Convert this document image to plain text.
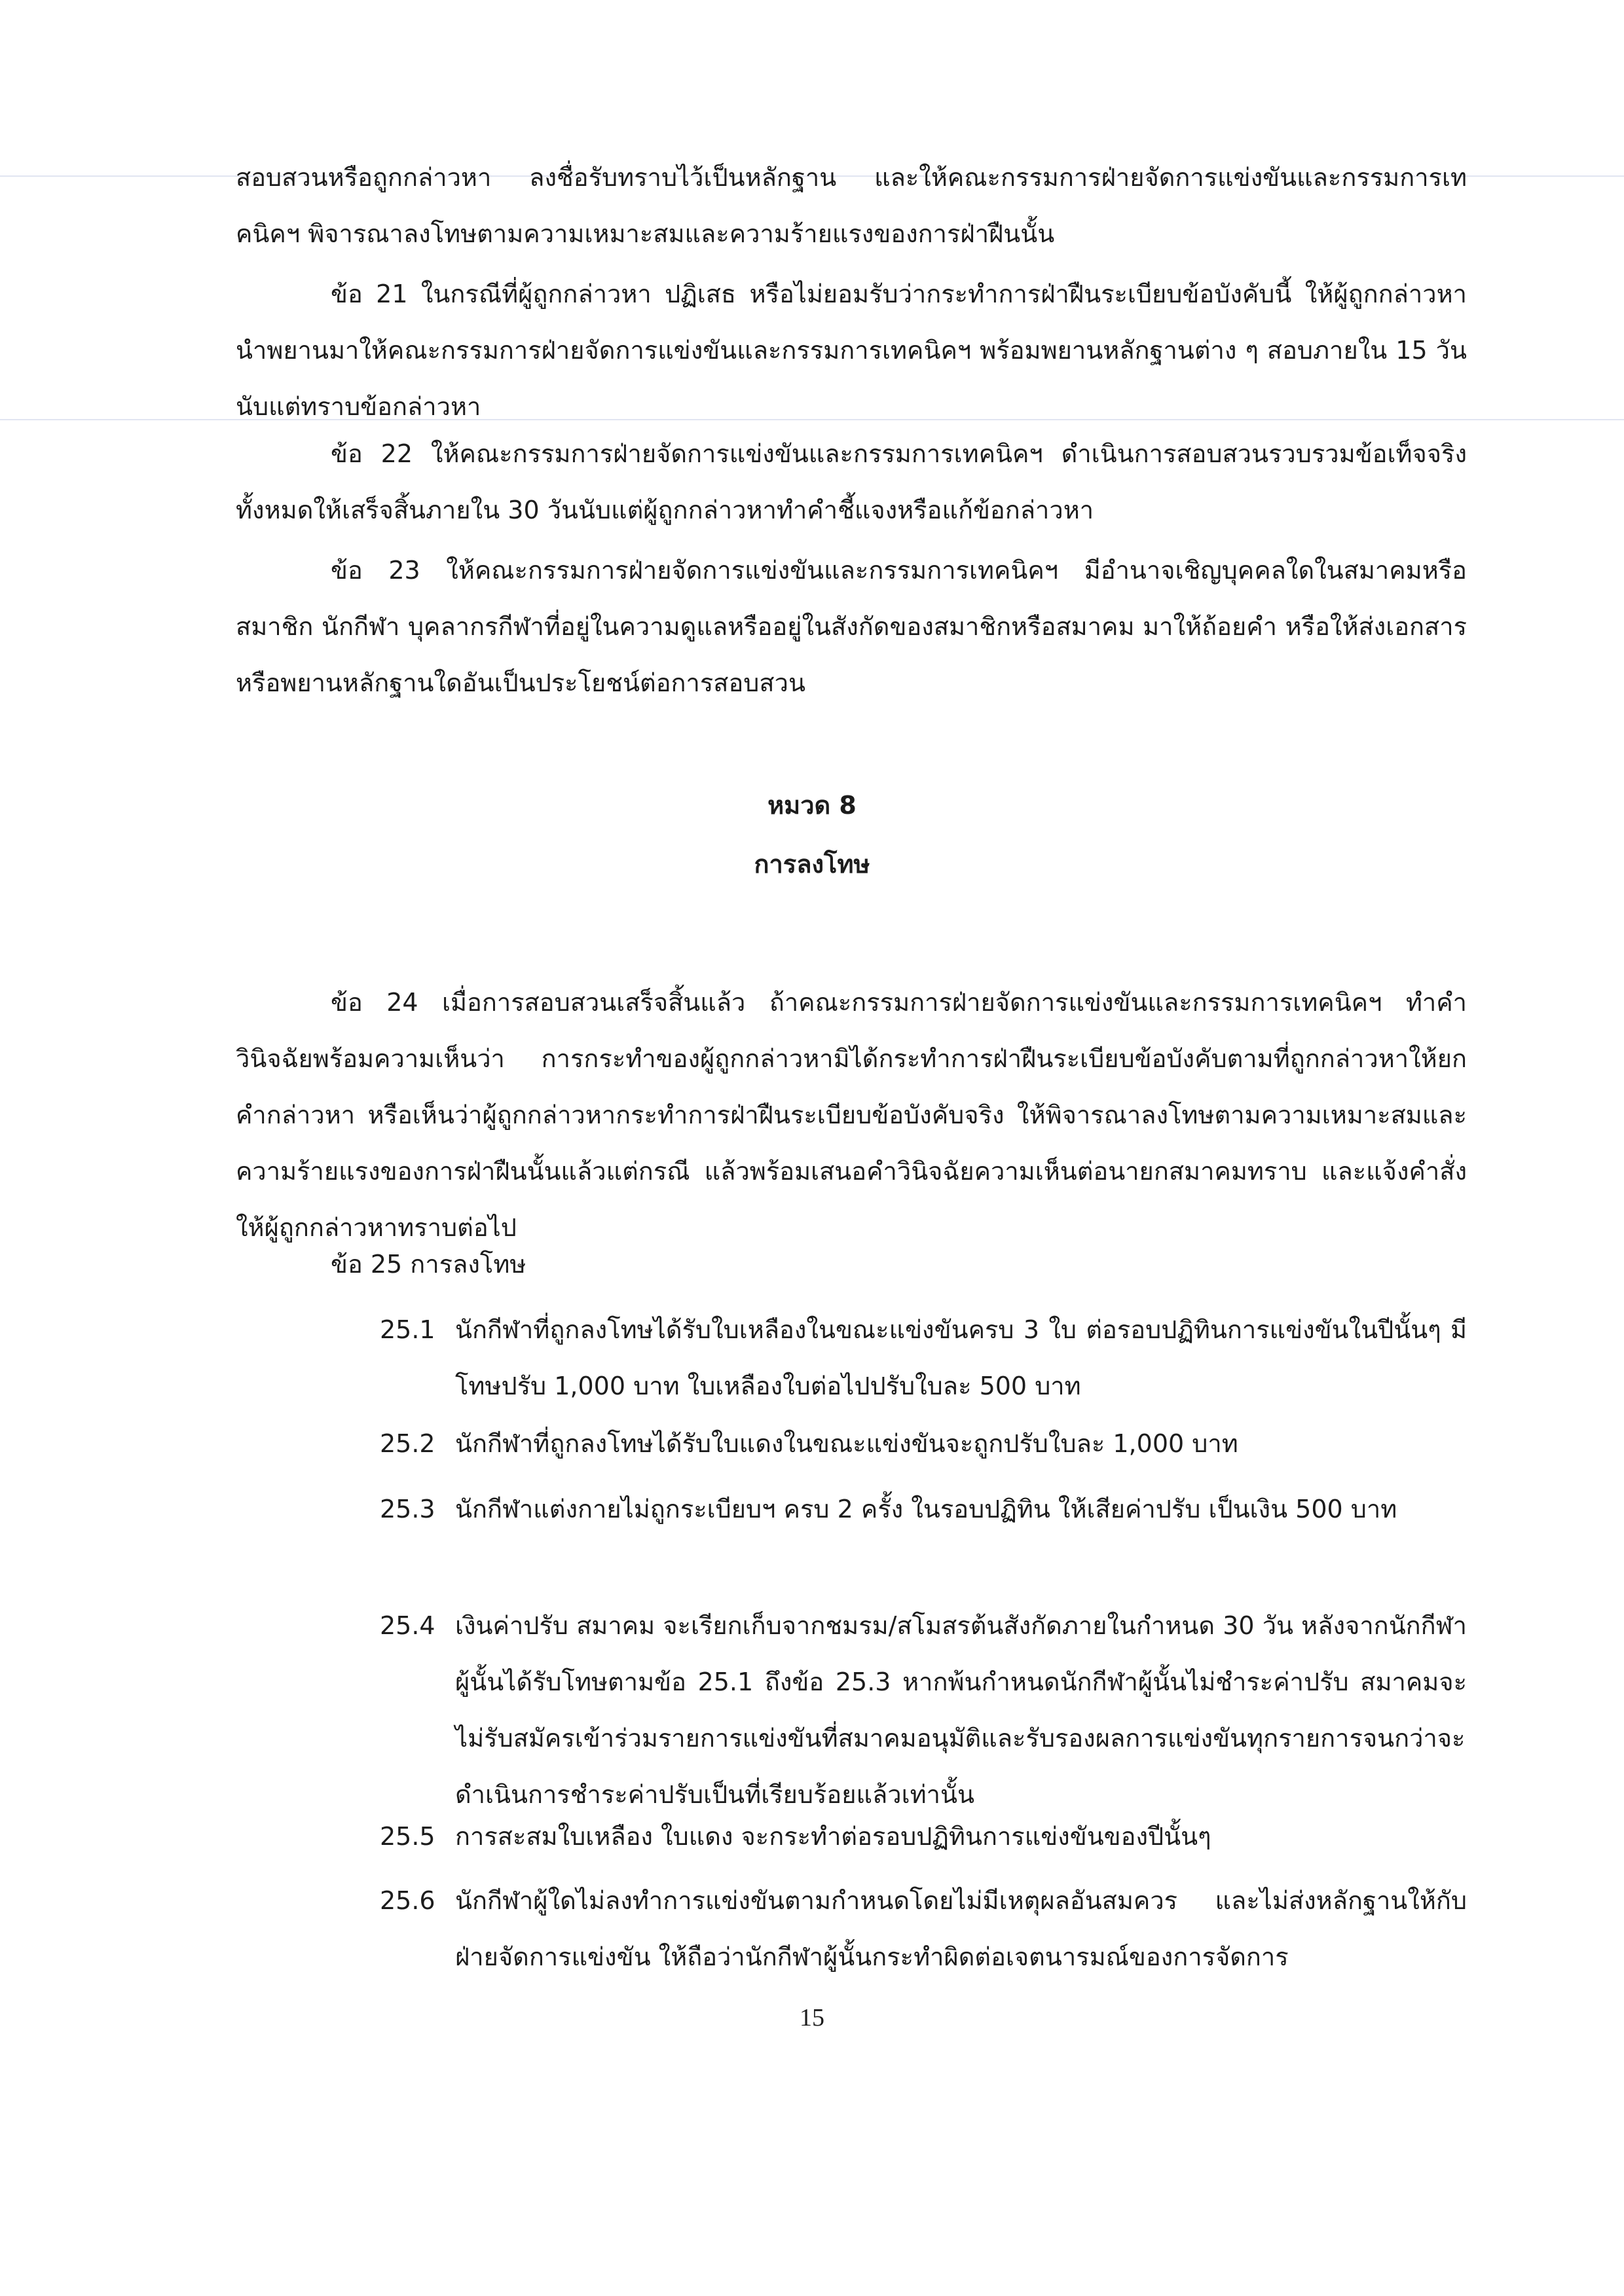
สอบสวนหรือถูกกล่าวหา ลงชื่อรับทราบไว้เป็นหลักฐาน และให้คณะกรรมการฝ่ายจัดการแข่งขันและกรรมการเทคนิคฯ พิจารณาลงโทษตามความเหมาะสมและความร้ายแรงของการฝ่าฝืนนั้น
ข้อ 21 ในกรณีที่ผู้ถูกกล่าวหา ปฏิเสธ หรือไม่ยอมรับว่ากระทำการฝ่าฝืนระเบียบข้อบังคับนี้ ให้ผู้ถูกกล่าวหานำพยานมาให้คณะกรรมการฝ่ายจัดการแข่งขันและกรรมการเทคนิคฯ พร้อมพยานหลักฐานต่าง ๆ สอบภายใน 15 วันนับแต่ทราบข้อกล่าวหา
ข้อ 22 ให้คณะกรรมการฝ่ายจัดการแข่งขันและกรรมการเทคนิคฯ ดำเนินการสอบสวนรวบรวมข้อเท็จจริงทั้งหมดให้เสร็จสิ้นภายใน 30 วันนับแต่ผู้ถูกกล่าวหาทำคำชี้แจงหรือแก้ข้อกล่าวหา
ข้อ 23 ให้คณะกรรมการฝ่ายจัดการแข่งขันและกรรมการเทคนิคฯ มีอำนาจเชิญบุคคลใดในสมาคมหรือสมาชิก นักกีฬา บุคลากรกีฬาที่อยู่ในความดูแลหรืออยู่ในสังกัดของสมาชิกหรือสมาคม มาให้ถ้อยคำ หรือให้ส่งเอกสารหรือพยานหลักฐานใดอันเป็นประโยชน์ต่อการสอบสวน
หมวด 8
การลงโทษ
ข้อ 24 เมื่อการสอบสวนเสร็จสิ้นแล้ว ถ้าคณะกรรมการฝ่ายจัดการแข่งขันและกรรมการเทคนิคฯ ทำคำวินิจฉัยพร้อมความเห็นว่า การกระทำของผู้ถูกกล่าวหามิได้กระทำการฝ่าฝืนระเบียบข้อบังคับตามที่ถูกกล่าวหาให้ยกคำกล่าวหา หรือเห็นว่าผู้ถูกกล่าวหากระทำการฝ่าฝืนระเบียบข้อบังคับจริง ให้พิจารณาลงโทษตามความเหมาะสมและความร้ายแรงของการฝ่าฝืนนั้นแล้วแต่กรณี แล้วพร้อมเสนอคำวินิจฉัยความเห็นต่อนายกสมาคมทราบ และแจ้งคำสั่งให้ผู้ถูกกล่าวหาทราบต่อไป
ข้อ 25 การลงโทษ
25.1 นักกีฬาที่ถูกลงโทษได้รับใบเหลืองในขณะแข่งขันครบ 3 ใบ ต่อรอบปฏิทินการแข่งขันในปีนั้นๆ มีโทษปรับ 1,000 บาท ใบเหลืองใบต่อไปปรับใบละ 500 บาท
25.2 นักกีฬาที่ถูกลงโทษได้รับใบแดงในขณะแข่งขันจะถูกปรับใบละ 1,000 บาท
25.3 นักกีฬาแต่งกายไม่ถูกระเบียบฯ ครบ 2 ครั้ง ในรอบปฏิทิน ให้เสียค่าปรับ เป็นเงิน 500 บาท
25.4 เงินค่าปรับ สมาคม จะเรียกเก็บจากชมรม/สโมสรต้นสังกัดภายในกำหนด 30 วัน หลังจากนักกีฬาผู้นั้นได้รับโทษตามข้อ 25.1 ถึงข้อ 25.3 หากพ้นกำหนดนักกีฬาผู้นั้นไม่ชำระค่าปรับ สมาคมจะไม่รับสมัครเข้าร่วมรายการแข่งขันที่สมาคมอนุมัติและรับรองผลการแข่งขันทุกรายการจนกว่าจะดำเนินการชำระค่าปรับเป็นที่เรียบร้อยแล้วเท่านั้น
25.5 การสะสมใบเหลือง ใบแดง จะกระทำต่อรอบปฏิทินการแข่งขันของปีนั้นๆ
25.6 นักกีฬาผู้ใดไม่ลงทำการแข่งขันตามกำหนดโดยไม่มีเหตุผลอันสมควร และไม่ส่งหลักฐานให้กับฝ่ายจัดการแข่งขัน ให้ถือว่านักกีฬาผู้นั้นกระทำผิดต่อเจตนารมณ์ของการจัดการ
15
